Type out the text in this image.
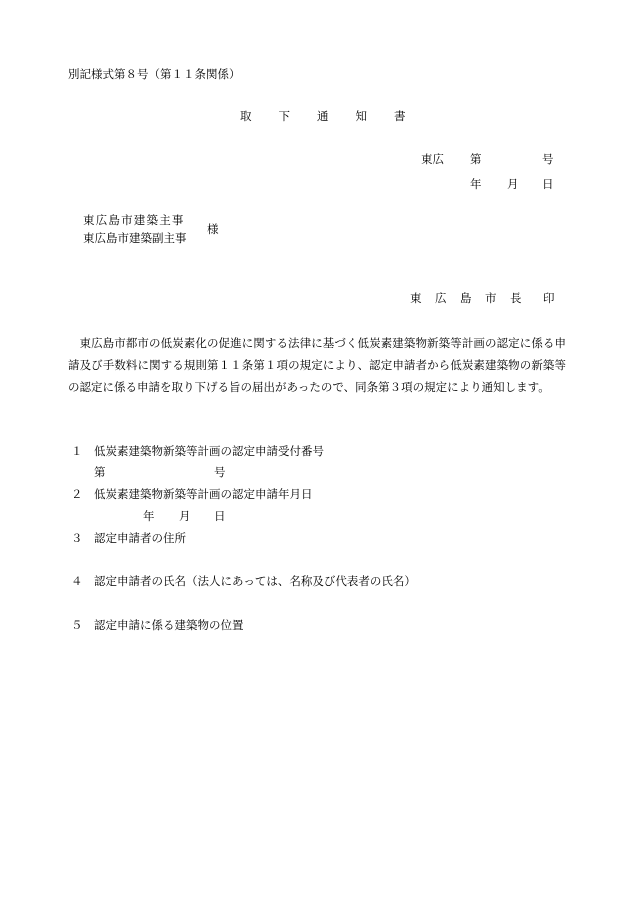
別記様式第８号（第１１条関係）
取下通知書
東広 第	号
年 月 日
東広島市建築主事
東広島市建築副主事
様
東広島市長 印
東広島市都市の低炭素化の促進に関する法律に基づく低炭素建築物新築等計画の認定に係る申請及び手数料に関する規則第１１条第１項の規定により、認定申請者から低炭素建築物の新築等の認定に係る申請を取り下げる旨の届出があったので、同条第３項の規定により通知します。
１ 低炭素建築物新築等計画の認定申請受付番号
第	号
２ 低炭素建築物新築等計画の認定申請年月日
年 月 日
３ 認定申請者の住所
４ 認定申請者の氏名（法人にあっては、名称及び代表者の氏名）
５ 認定申請に係る建築物の位置
